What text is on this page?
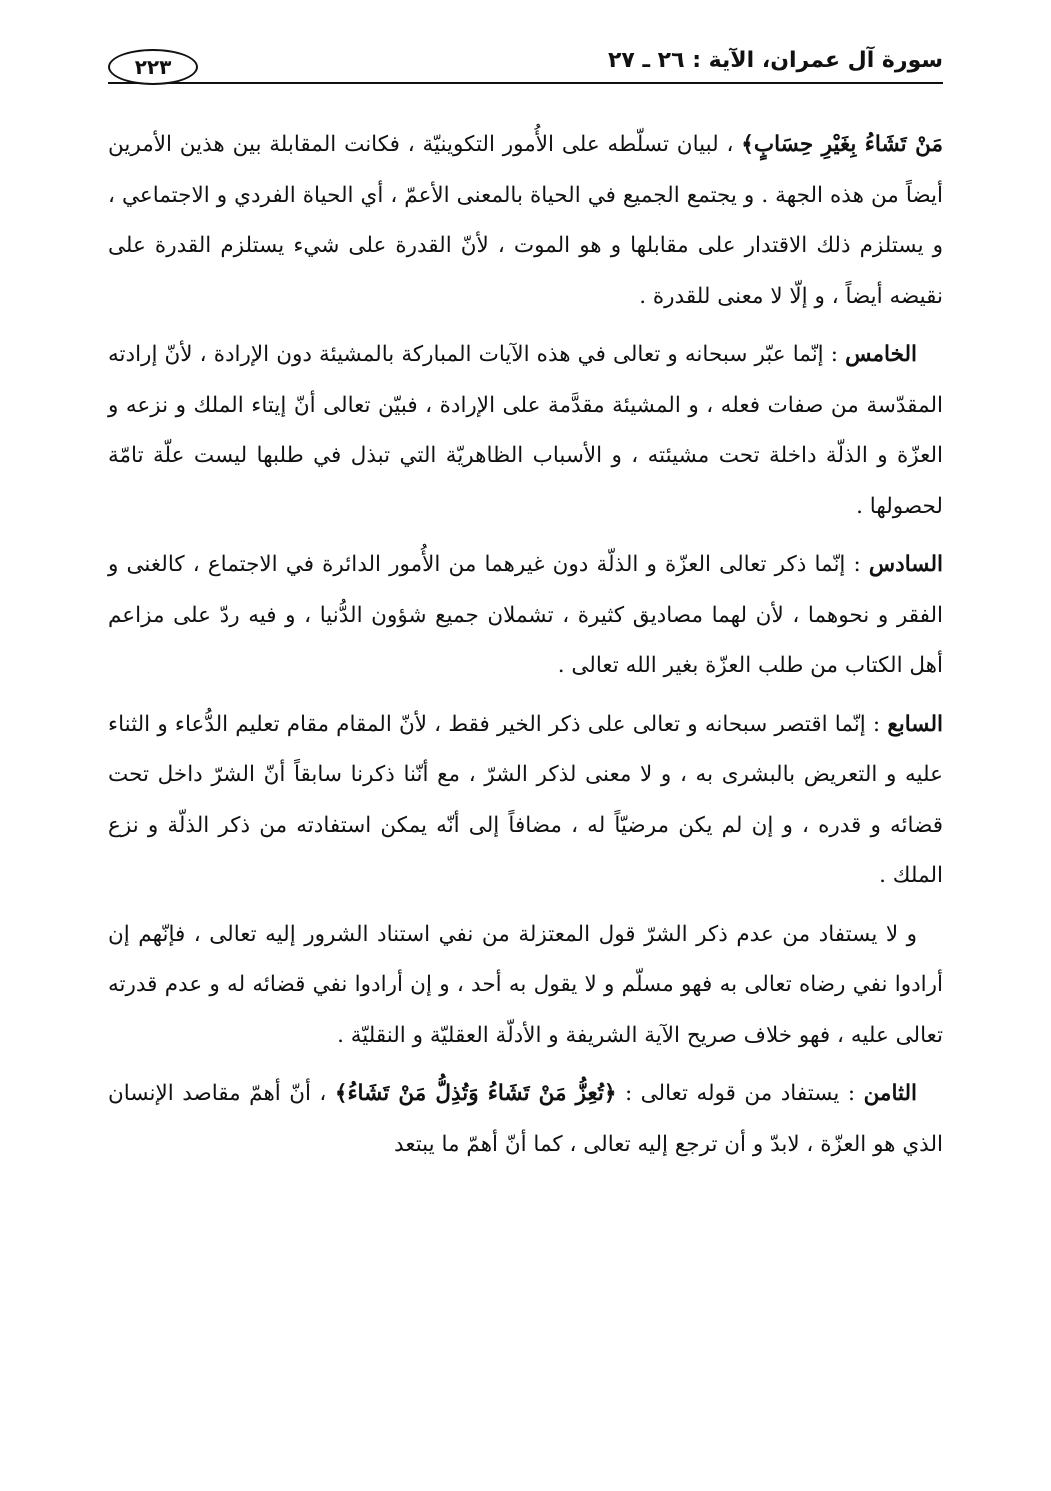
سورة آل عمران، الآية : ٢٦ ـ ٢٧
٢٢٣

مَنْ تَشَاءُ بِغَيْرِ حِسَابٍ﴾ ، لبيان تسلّطه على الأُمور التكوينيّة ، فكانت المقابلة بين هذين الأمرين أيضاً من هذه الجهة . و يجتمع الجميع في الحياة بالمعنى الأعمّ ، أي الحياة الفردي و الاجتماعي ، و يستلزم ذلك الاقتدار على مقابلها و هو الموت ، لأنّ القدرة على شيء يستلزم القدرة على نقيضه أيضاً ، و إلّا لا معنى للقدرة .

الخامس : إنّما عبّر سبحانه و تعالى في هذه الآيات المباركة بالمشيئة دون الإرادة ، لأنّ إرادته المقدّسة من صفات فعله ، و المشيئة مقدَّمة على الإرادة ، فبيّن تعالى أنّ إيتاء الملك و نزعه و العزّة و الذلّة داخلة تحت مشيئته ، و الأسباب الظاهريّة التي تبذل في طلبها ليست علّة تامّة لحصولها .

السادس : إنّما ذكر تعالى العزّة و الذلّة دون غيرهما من الأُمور الدائرة في الاجتماع ، كالغنى و الفقر و نحوهما ، لأن لهما مصاديق كثيرة ، تشملان جميع شؤون الدُّنيا ، و فيه ردّ على مزاعم أهل الكتاب من طلب العزّة بغير الله تعالى .

السابع : إنّما اقتصر سبحانه و تعالى على ذكر الخير فقط ، لأنّ المقام مقام تعليم الدُّعاء و الثناء عليه و التعريض بالبشرى به ، و لا معنى لذكر الشرّ ، مع أنّنا ذكرنا سابقاً أنّ الشرّ داخل تحت قضائه و قدره ، و إن لم يكن مرضيّاً له ، مضافاً إلى أنّه يمكن استفادته من ذكر الذلّة و نزع الملك .

و لا يستفاد من عدم ذكر الشرّ قول المعتزلة من نفي استناد الشرور إليه تعالى ، فإنّهم إن أرادوا نفي رضاه تعالى به فهو مسلّم و لا يقول به أحد ، و إن أرادوا نفي قضائه له و عدم قدرته تعالى عليه ، فهو خلاف صريح الآية الشريفة و الأدلّة العقليّة و النقليّة .

الثامن : يستفاد من قوله تعالى : ﴿تُعِزُّ مَنْ تَشَاءُ وَتُذِلُّ مَنْ تَشَاءُ﴾ ، أنّ أهمّ مقاصد الإنسان الذي هو العزّة ، لابدّ و أن ترجع إليه تعالى ، كما أنّ أهمّ ما يبتعد
